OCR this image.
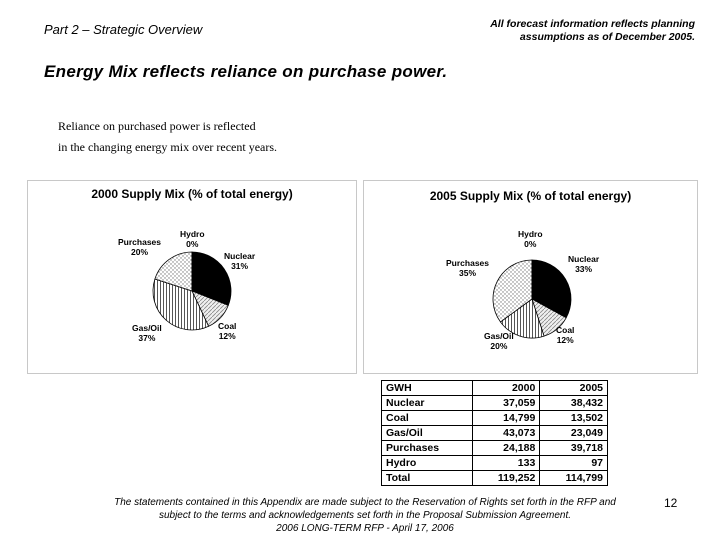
Part 2 – Strategic Overview	All forecast information reflects planning
assumptions as of December 2005.
Energy Mix reflects reliance on purchase power.
Reliance on purchased power is reflected
in the changing energy mix over recent years.
2000 Supply Mix (% of total energy)
Hydro
0%
Purchases
20%	Nuclear
31%
Coal
12%
Gas/Oil
37%
2005 Supply Mix (% of total energy)
Hydro
0%
Purchases
35%
Nuclear
33%
Coal
12%
Gas/Oil
20%
GWH	2000	2005
Nuclear	37,059	38,432
Coal	14,799	13,502
Gas/Oil	43,073	23,049
Purchases	24,188	39,718
Hydro	133	97
Total	119,252	114,799
The statements contained in this Appendix are made subject to the Reservation of Rights set forth in the RFP and
subject to the terms and acknowledgements set forth in the Proposal Submission Agreement.
2006 LONG-TERM RFP - April 17, 2006
12
